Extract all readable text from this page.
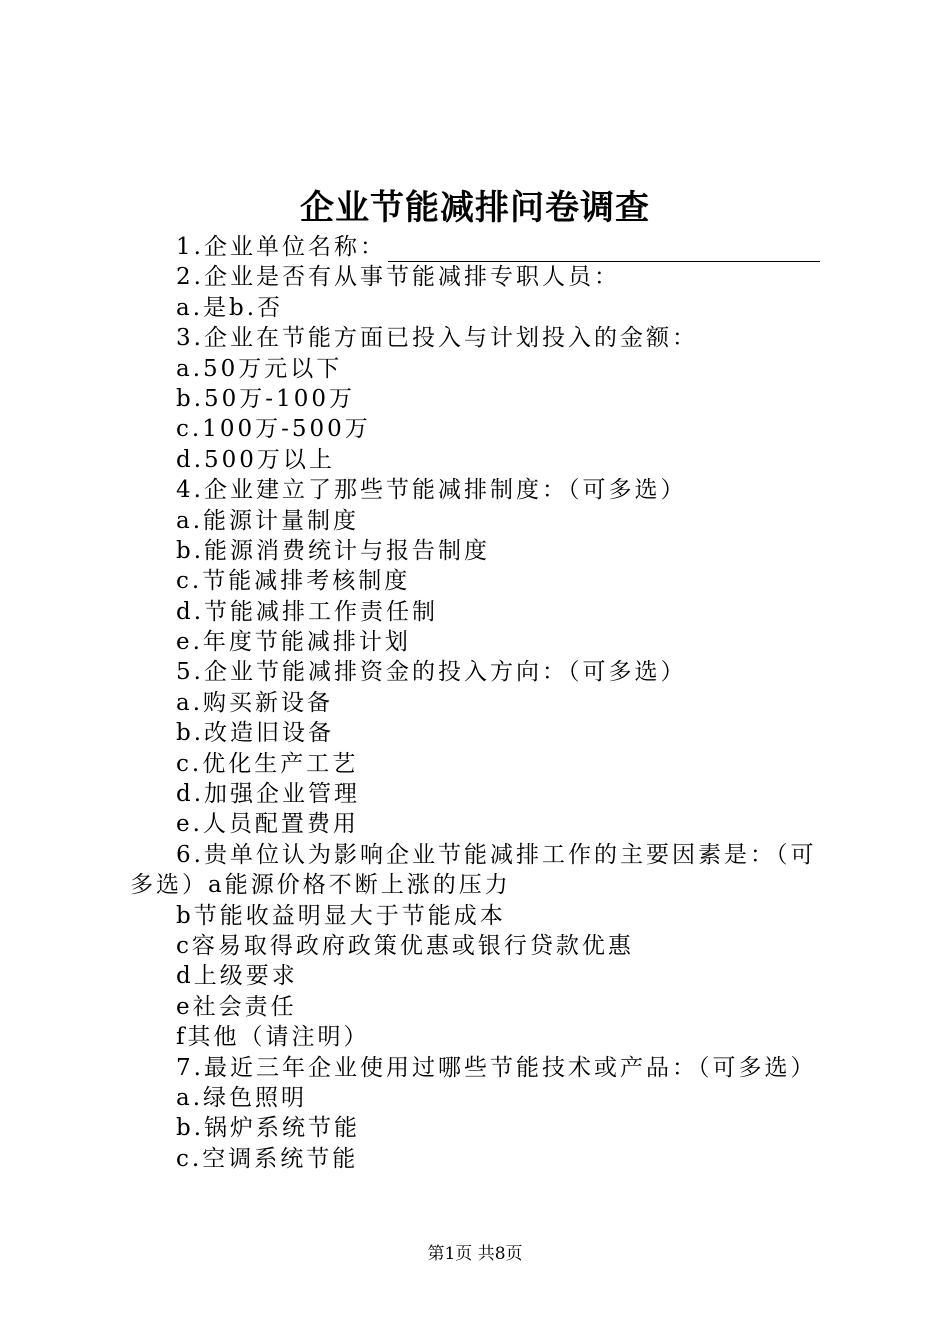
企业节能减排问卷调查
1.企业单位名称：
2.企业是否有从事节能减排专职人员：
a.是b.否
3.企业在节能方面已投入与计划投入的金额：
a.50万元以下
b.50万-100万
c.100万-500万
d.500万以上
4.企业建立了那些节能减排制度：（可多选）
a.能源计量制度
b.能源消费统计与报告制度
c.节能减排考核制度
d.节能减排工作责任制
e.年度节能减排计划
5.企业节能减排资金的投入方向：（可多选）
a.购买新设备
b.改造旧设备
c.优化生产工艺
d.加强企业管理
e.人员配置费用
6.贵单位认为影响企业节能减排工作的主要因素是：（可多选）a能源价格不断上涨的压力
b节能收益明显大于节能成本
c容易取得政府政策优惠或银行贷款优惠
d上级要求
e社会责任
f其他（请注明）
7.最近三年企业使用过哪些节能技术或产品：（可多选）
a.绿色照明
b.锅炉系统节能
c.空调系统节能
第1页 共8页
